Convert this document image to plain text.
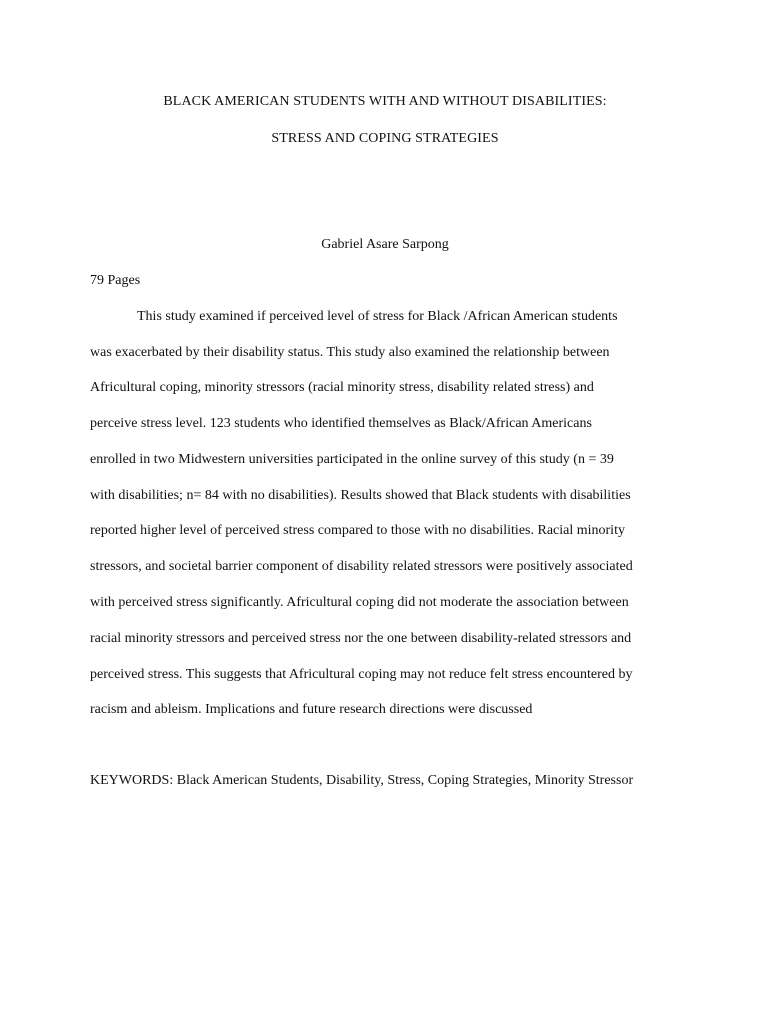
BLACK AMERICAN STUDENTS WITH AND WITHOUT DISABILITIES:
STRESS AND COPING STRATEGIES
Gabriel Asare Sarpong
79 Pages
This study examined if perceived level of stress for Black /African American students
was exacerbated by their disability status. This study also examined the relationship between
Africultural coping, minority stressors (racial minority stress, disability related stress) and
perceive stress level. 123 students who identified themselves as Black/African Americans
enrolled in two Midwestern universities participated in the online survey of this study (n = 39
with disabilities; n= 84 with no disabilities). Results showed that Black students with disabilities
reported higher level of perceived stress compared to those with no disabilities. Racial minority
stressors, and societal barrier component of disability related stressors were positively associated
with perceived stress significantly. Africultural coping did not moderate the association between
racial minority stressors and perceived stress nor the one between disability-related stressors and
perceived stress. This suggests that Africultural coping may not reduce felt stress encountered by
racism and ableism. Implications and future research directions were discussed
KEYWORDS: Black American Students, Disability, Stress, Coping Strategies, Minority Stressor
